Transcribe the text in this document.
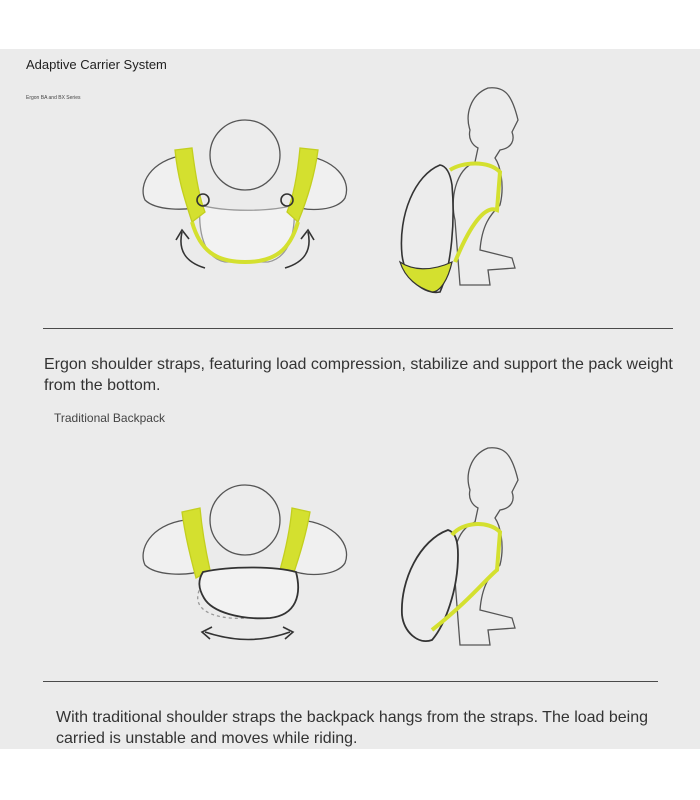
Adaptive Carrier System
Ergon BA and BX Series
Ergon shoulder straps, featuring load compression, stabilize and support the pack weight from the bottom.
Traditional Backpack
With traditional shoulder straps the backpack hangs from the straps. The load being carried is unstable and moves while riding.
